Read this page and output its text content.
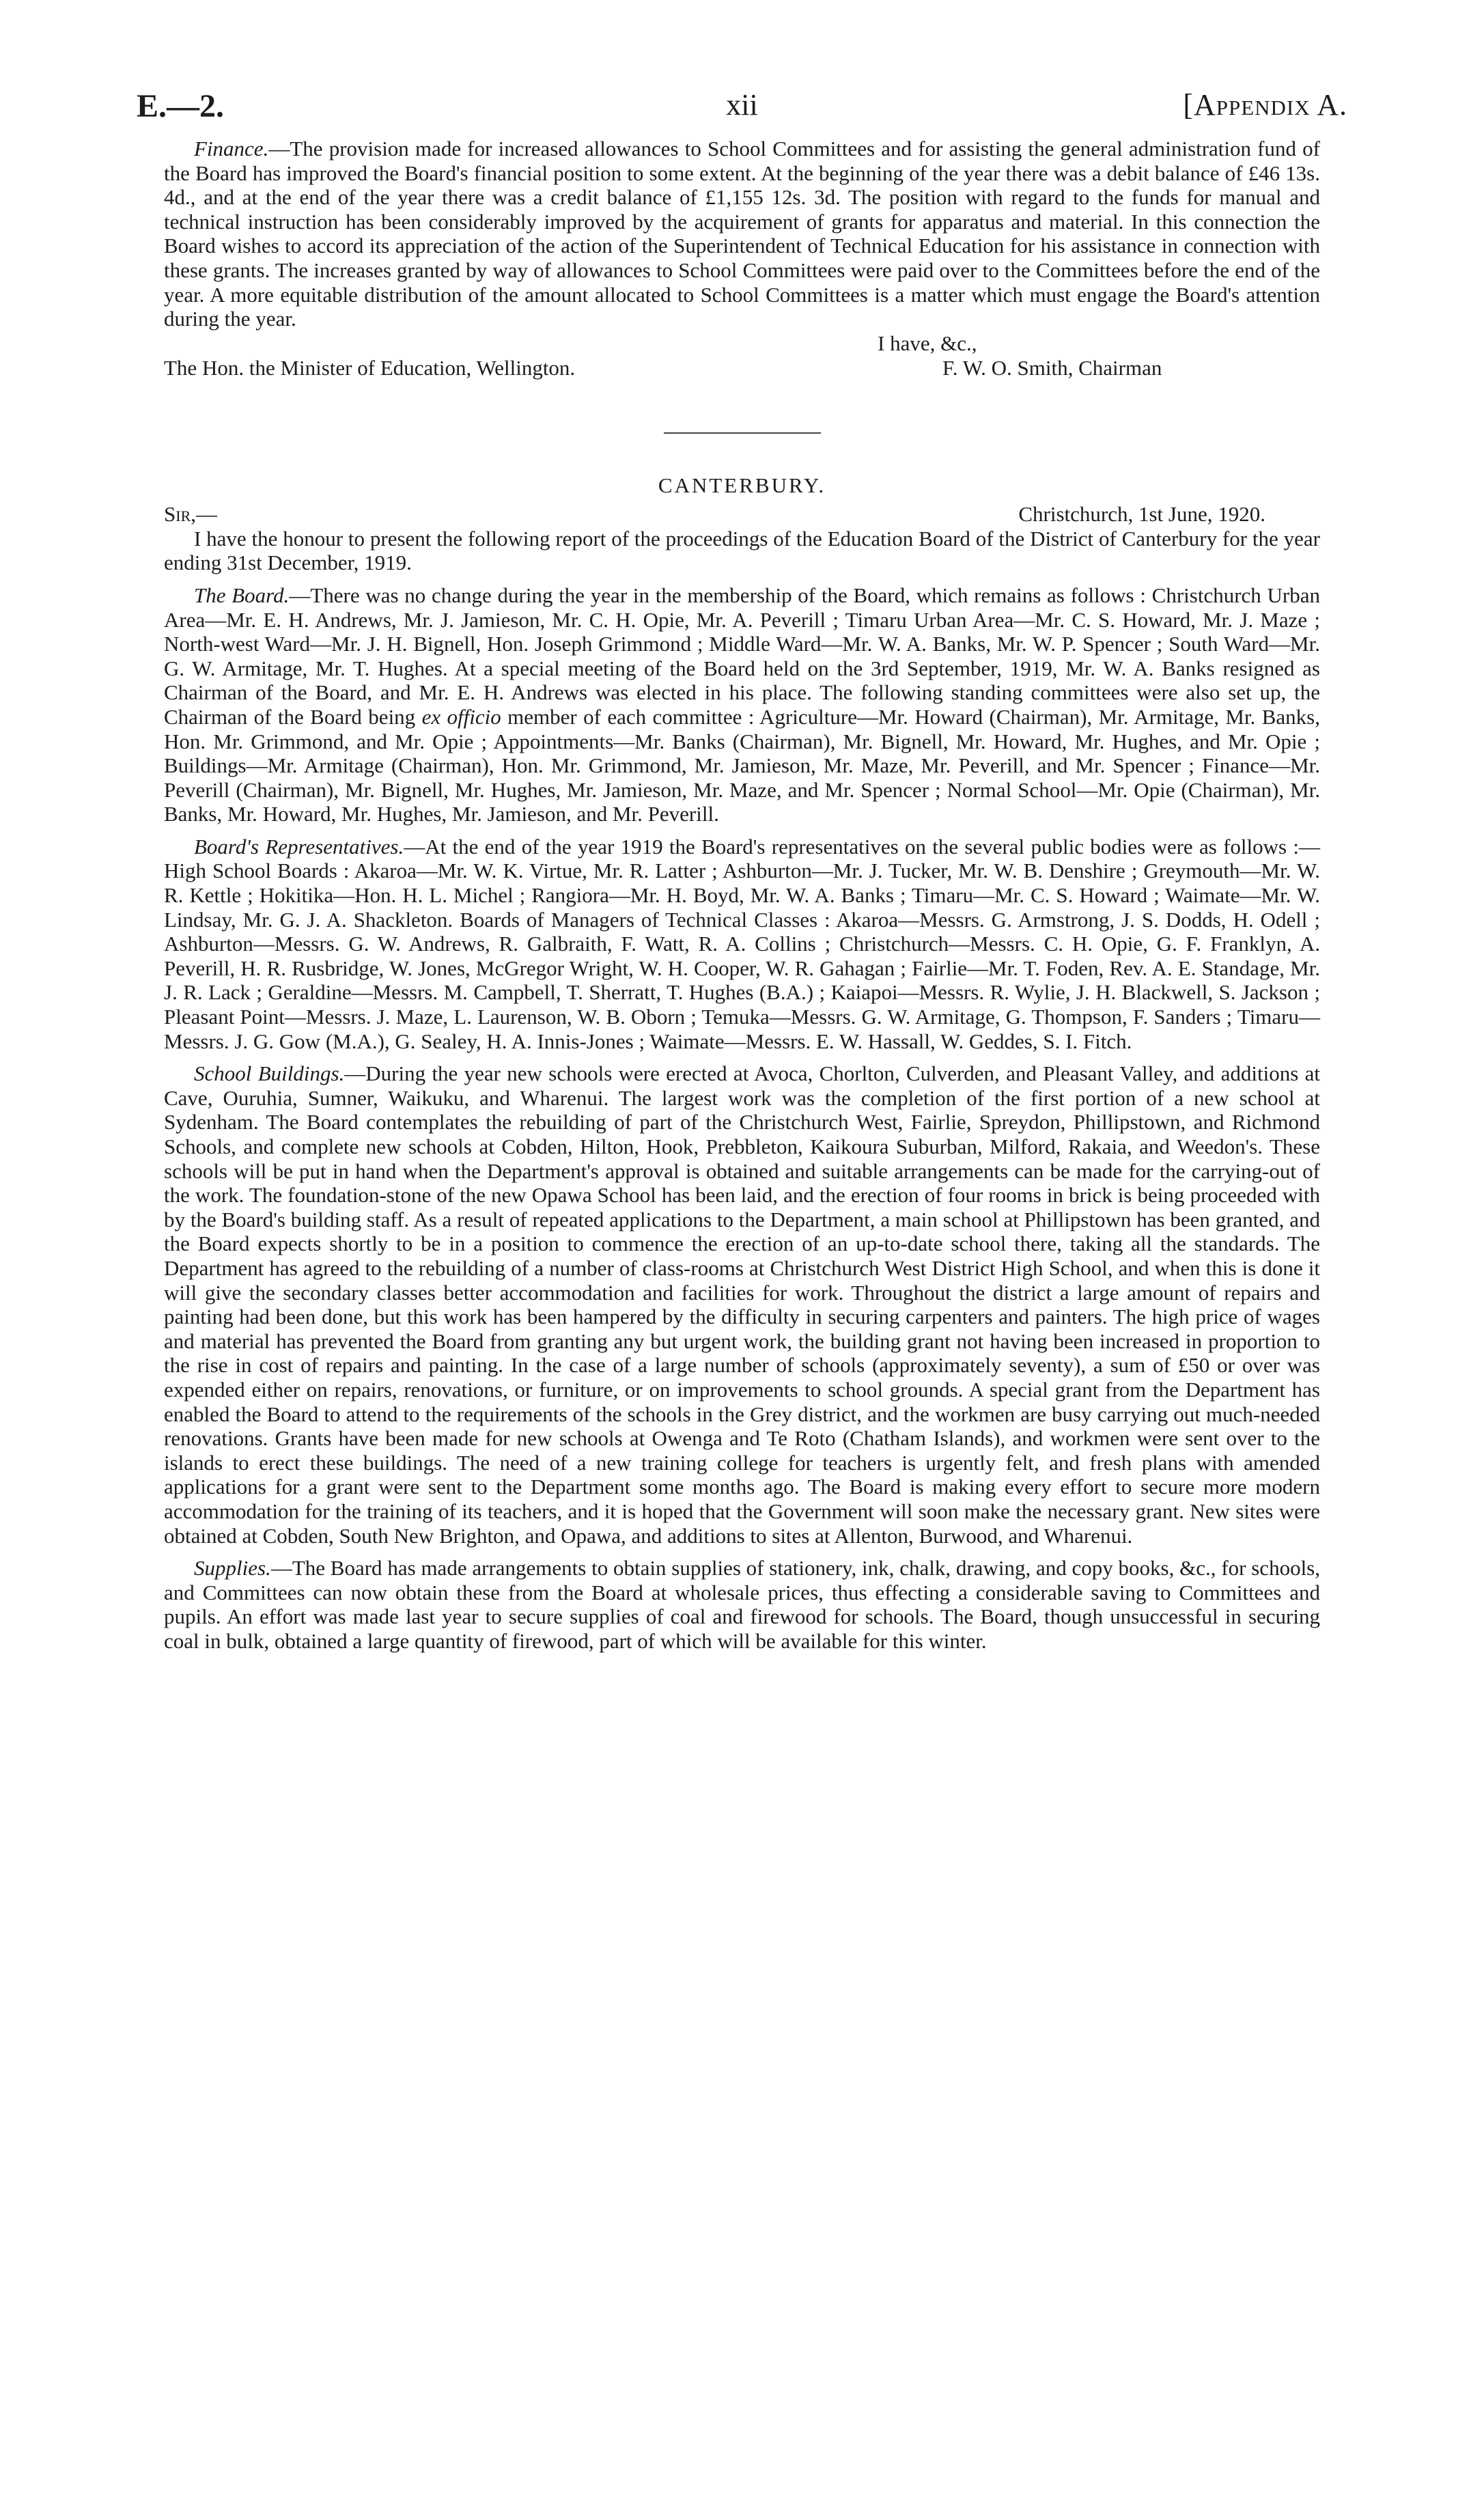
E.—2.	xii	[Appendix A.

Finance.—The provision made for increased allowances to School Committees and for assisting the general administration fund of the Board has improved the Board's financial position to some extent. At the beginning of the year there was a debit balance of £46 13s. 4d., and at the end of the year there was a credit balance of £1,155 12s. 3d. The position with regard to the funds for manual and technical instruction has been considerably improved by the acquirement of grants for apparatus and material. In this connection the Board wishes to accord its appreciation of the action of the Superintendent of Technical Education for his assistance in connection with these grants. The increases granted by way of allowances to School Committees were paid over to the Committees before the end of the year. A more equitable distribution of the amount allocated to School Committees is a matter which must engage the Board's attention during the year.

I have, &c.,
The Hon. the Minister of Education, Wellington.	F. W. O. Smith, Chairman
CANTERBURY.
Sir,—	Christchurch, 1st June, 1920.

I have the honour to present the following report of the proceedings of the Education Board of the District of Canterbury for the year ending 31st December, 1919.

The Board.—There was no change during the year in the membership of the Board, which remains as follows : Christchurch Urban Area—Mr. E. H. Andrews, Mr. J. Jamieson, Mr. C. H. Opie, Mr. A. Peverill ; Timaru Urban Area—Mr. C. S. Howard, Mr. J. Maze ; North-west Ward—Mr. J. H. Bignell, Hon. Joseph Grimmond ; Middle Ward—Mr. W. A. Banks, Mr. W. P. Spencer ; South Ward—Mr. G. W. Armitage, Mr. T. Hughes. At a special meeting of the Board held on the 3rd September, 1919, Mr. W. A. Banks resigned as Chairman of the Board, and Mr. E. H. Andrews was elected in his place. The following standing committees were also set up, the Chairman of the Board being ex officio member of each committee : Agriculture—Mr. Howard (Chairman), Mr. Armitage, Mr. Banks, Hon. Mr. Grimmond, and Mr. Opie ; Appointments—Mr. Banks (Chairman), Mr. Bignell, Mr. Howard, Mr. Hughes, and Mr. Opie ; Buildings—Mr. Armitage (Chairman), Hon. Mr. Grimmond, Mr. Jamieson, Mr. Maze, Mr. Peverill, and Mr. Spencer ; Finance—Mr. Peverill (Chairman), Mr. Bignell, Mr. Hughes, Mr. Jamieson, Mr. Maze, and Mr. Spencer ; Normal School—Mr. Opie (Chairman), Mr. Banks, Mr. Howard, Mr. Hughes, Mr. Jamieson, and Mr. Peverill.

Board's Representatives.—At the end of the year 1919 the Board's representatives on the several public bodies were as follows :—High School Boards : Akaroa—Mr. W. K. Virtue, Mr. R. Latter ; Ashburton—Mr. J. Tucker, Mr. W. B. Denshire ; Greymouth—Mr. W. R. Kettle ; Hokitika—Hon. H. L. Michel ; Rangiora—Mr. H. Boyd, Mr. W. A. Banks ; Timaru—Mr. C. S. Howard ; Waimate—Mr. W. Lindsay, Mr. G. J. A. Shackleton. Boards of Managers of Technical Classes : Akaroa—Messrs. G. Armstrong, J. S. Dodds, H. Odell ; Ashburton—Messrs. G. W. Andrews, R. Galbraith, F. Watt, R. A. Collins ; Christchurch—Messrs. C. H. Opie, G. F. Franklyn, A. Peverill, H. R. Rusbridge, W. Jones, McGregor Wright, W. H. Cooper, W. R. Gahagan ; Fairlie—Mr. T. Foden, Rev. A. E. Standage, Mr. J. R. Lack ; Geraldine—Messrs. M. Campbell, T. Sherratt, T. Hughes (B.A.) ; Kaiapoi—Messrs. R. Wylie, J. H. Blackwell, S. Jackson ; Pleasant Point—Messrs. J. Maze, L. Laurenson, W. B. Oborn ; Temuka—Messrs. G. W. Armitage, G. Thompson, F. Sanders ; Timaru—Messrs. J. G. Gow (M.A.), G. Sealey, H. A. Innis-Jones ; Waimate—Messrs. E. W. Hassall, W. Geddes, S. I. Fitch.

School Buildings.—During the year new schools were erected at Avoca, Chorlton, Culverden, and Pleasant Valley, and additions at Cave, Ouruhia, Sumner, Waikuku, and Wharenui. The largest work was the completion of the first portion of a new school at Sydenham. The Board contemplates the rebuilding of part of the Christchurch West, Fairlie, Spreydon, Phillipstown, and Richmond Schools, and complete new schools at Cobden, Hilton, Hook, Prebbleton, Kaikoura Suburban, Milford, Rakaia, and Weedon's. These schools will be put in hand when the Department's approval is obtained and suitable arrangements can be made for the carrying-out of the work. The foundation-stone of the new Opawa School has been laid, and the erection of four rooms in brick is being proceeded with by the Board's building staff. As a result of repeated applications to the Department, a main school at Phillipstown has been granted, and the Board expects shortly to be in a position to commence the erection of an up-to-date school there, taking all the standards. The Department has agreed to the rebuilding of a number of class-rooms at Christchurch West District High School, and when this is done it will give the secondary classes better accommodation and facilities for work. Throughout the district a large amount of repairs and painting had been done, but this work has been hampered by the difficulty in securing carpenters and painters. The high price of wages and material has prevented the Board from granting any but urgent work, the building grant not having been increased in proportion to the rise in cost of repairs and painting. In the case of a large number of schools (approximately seventy), a sum of £50 or over was expended either on repairs, renovations, or furniture, or on improvements to school grounds. A special grant from the Department has enabled the Board to attend to the requirements of the schools in the Grey district, and the workmen are busy carrying out much-needed renovations. Grants have been made for new schools at Owenga and Te Roto (Chatham Islands), and workmen were sent over to the islands to erect these buildings. The need of a new training college for teachers is urgently felt, and fresh plans with amended applications for a grant were sent to the Department some months ago. The Board is making every effort to secure more modern accommodation for the training of its teachers, and it is hoped that the Government will soon make the necessary grant. New sites were obtained at Cobden, South New Brighton, and Opawa, and additions to sites at Allenton, Burwood, and Wharenui.

Supplies.—The Board has made arrangements to obtain supplies of stationery, ink, chalk, drawing, and copy books, &c., for schools, and Committees can now obtain these from the Board at wholesale prices, thus effecting a considerable saving to Committees and pupils. An effort was made last year to secure supplies of coal and firewood for schools. The Board, though unsuccessful in securing coal in bulk, obtained a large quantity of firewood, part of which will be available for this winter.
